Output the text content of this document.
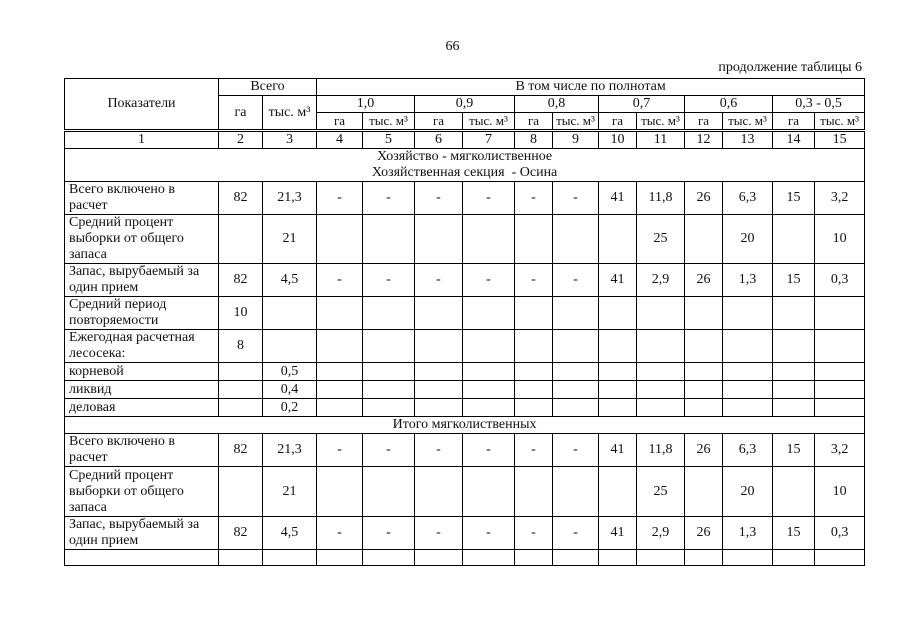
66
продолжение таблицы 6
Показатели	Всего		В том числе по полнотам											
	га	тыс. м³	1,0		0,9		0,8		0,7		0,6		0,3 - 0,5	
			га	тыс. м³	га	тыс. м³	га	тыс. м³	га	тыс. м³	га	тыс. м³	га	тыс. м³
1	2	3	4	5	6	7	8	9	10	11	12	13	14	15

Хозяйство - мягколиственное
Хозяйственная секция  - Осина														

Всего включено в расчет	82	21,3	-	-	-	-	-	-	41	11,8	26	6,3	15	3,2
Средний процент выборки от общего запаса		21								25		20		10
Запас, вырубаемый за один прием	82	4,5	-	-	-	-	-	-	41	2,9	26	1,3	15	0,3
Средний период повторяемости	10													
Ежегодная расчетная лесосека:	8													
корневой		0,5												
ликвид		0,4												
деловая		0,2												

Итого мягколиственных														

Всего включено в расчет	82	21,3	-	-	-	-	-	-	41	11,8	26	6,3	15	3,2
Средний процент выборки от общего запаса		21								25		20		10
Запас, вырубаемый за один прием	82	4,5	-	-	-	-	-	-	41	2,9	26	1,3	15	0,3
